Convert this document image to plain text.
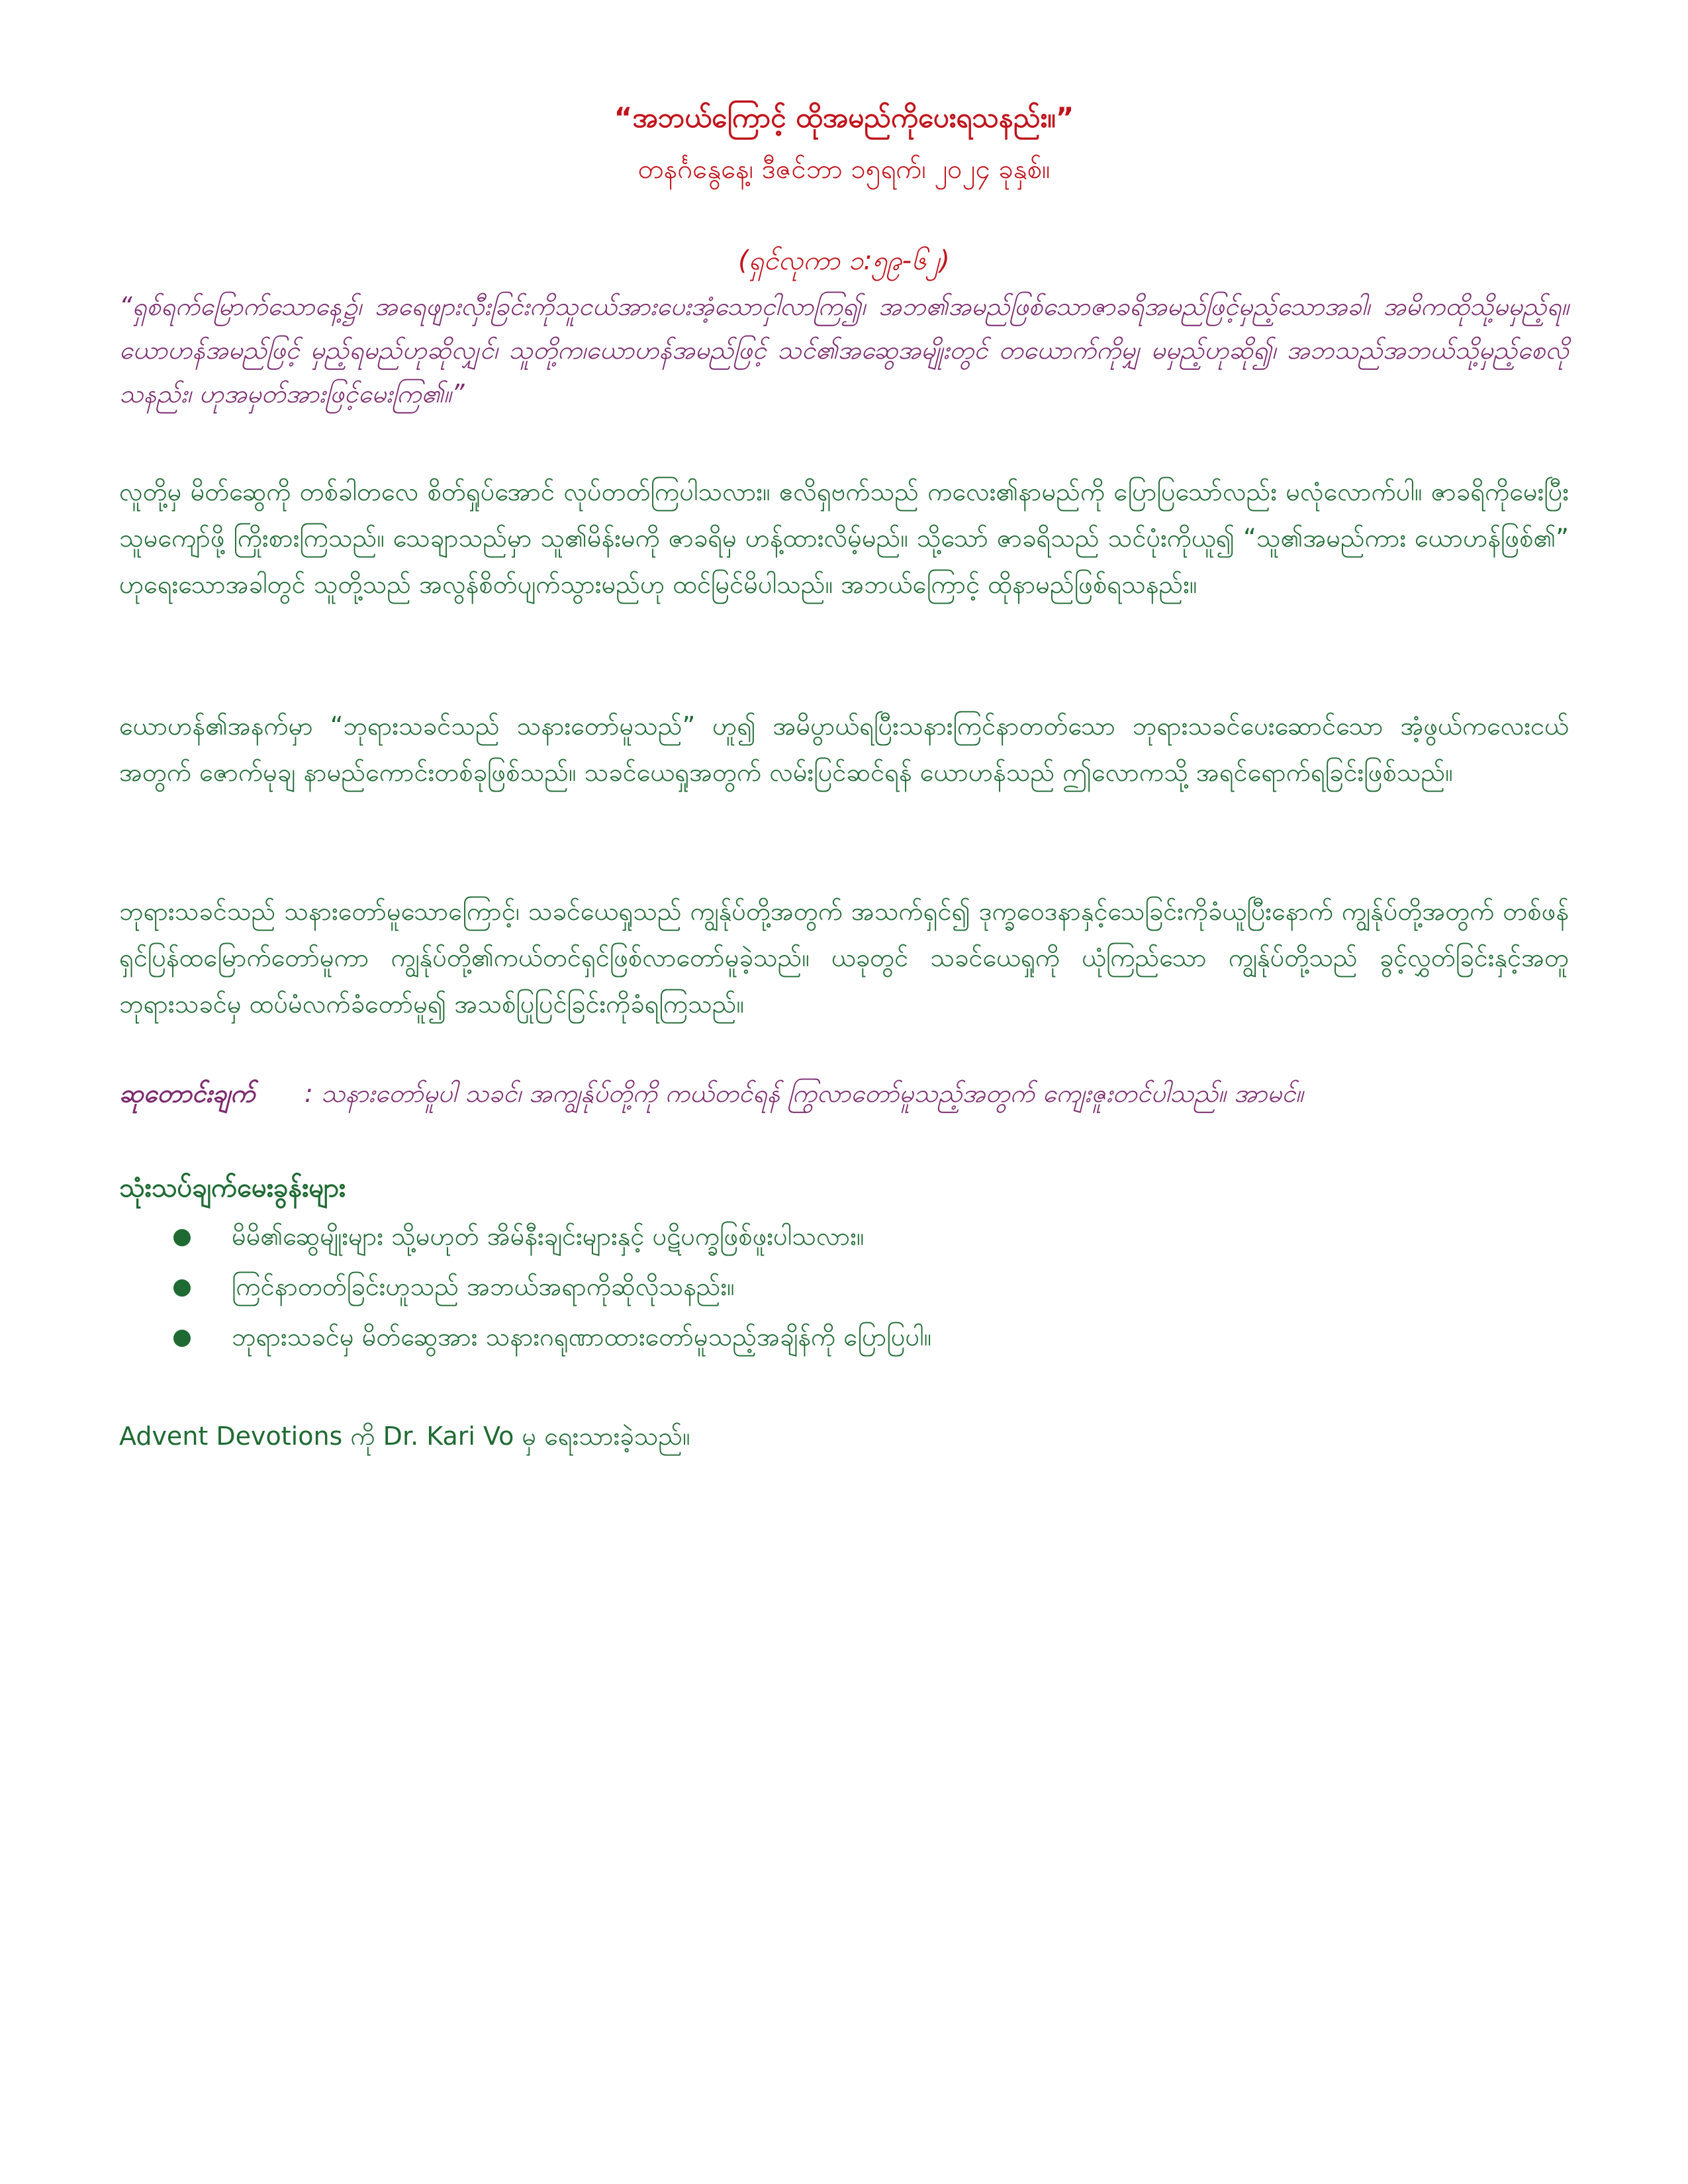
“အဘယ်ကြောင့် ထိုအမည်ကိုပေးရသနည်း။”

တနင်္ဂနွေနေ့၊ ဒီဇင်ဘာ ၁၅ရက်၊ ၂၀၂၄ ခုနှစ်။

(ရှင်လုကာ ၁:၅၉-၆၂)

“ရှစ်ရက်မြောက်သောနေ့၌၊ အရေဖျားလှီးခြင်းကိုသူငယ်အားပေးအံ့သောငှါလာကြ၍၊ အဘ၏အမည်ဖြစ်သောဇာခရိအမည်ဖြင့်မှည့်သောအခါ၊ အမိကထိုသို့မမှည့်ရ။ ယောဟန်အမည်ဖြင့် မှည့်ရမည်ဟုဆိုလျှင်၊ သူတို့က၊ယောဟန်အမည်ဖြင့် သင်၏အဆွေအမျိုးတွင် တယောက်ကိုမျှ မမှည့်ဟုဆို၍၊ အဘသည်အဘယ်သို့မှည့်စေလိုသနည်း၊ ဟုအမှတ်အားဖြင့်မေးကြ၏။”

လူတို့မှ မိတ်ဆွေကို တစ်ခါတလေ စိတ်ရှုပ်အောင် လုပ်တတ်ကြပါသလား။ ဧလိရှဗက်သည် ကလေး၏နာမည်ကို ပြောပြသော်လည်း မလုံလောက်ပါ။ ဇာခရိကိုမေးပြီး သူမကျော်ဖို့ ကြိုးစားကြသည်။ သေချာသည်မှာ သူ၏မိန်းမကို ဇာခရိမှ ဟန့်ထားလိမ့်မည်။ သို့သော် ဇာခရိသည် သင်ပုံးကိုယူ၍ “သူ၏အမည်ကား ယောဟန်ဖြစ်၏” ဟုရေးသောအခါတွင် သူတို့သည် အလွန်စိတ်ပျက်သွားမည်ဟု ထင်မြင်မိပါသည်။ အဘယ်ကြောင့် ထိုနာမည်ဖြစ်ရသနည်း။

ယောဟန်၏အနက်မှာ “ဘုရားသခင်သည် သနားတော်မူသည်” ဟူ၍ အမိပွာယ်ရပြီးသနားကြင်နာတတ်သော ဘုရားသခင်ပေးဆောင်သော အံ့ဖွယ်ကလေးငယ်အတွက် ဇောက်မုချ နာမည်ကောင်းတစ်ခုဖြစ်သည်။ သခင်ယေရှုအတွက် လမ်းပြင်ဆင်ရန် ယောဟန်သည် ဤလောကသို့ အရင်ရောက်ရခြင်းဖြစ်သည်။

ဘုရားသခင်သည် သနားတော်မူသောကြောင့်၊ သခင်ယေရှုသည် ကျွန်ုပ်တို့အတွက် အသက်ရှင်၍ ဒုက္ခဝေဒနာနှင့်သေခြင်းကိုခံယူပြီးနောက် ကျွန်ုပ်တို့အတွက် တစ်ဖန်ရှင်ပြန်ထမြောက်တော်မူကာ ကျွန်ုပ်တို့၏ကယ်တင်ရှင်ဖြစ်လာတော်မူခဲ့သည်။ ယခုတွင် သခင်ယေရှုကို ယုံကြည်သော ကျွန်ုပ်တို့သည် ခွင့်လွှတ်ခြင်းနှင့်အတူ ဘုရားသခင်မှ ထပ်မံလက်ခံတော်မူ၍ အသစ်ပြုပြင်ခြင်းကိုခံရကြသည်။

ဆုတောင်းချက် : သနားတော်မူပါ သခင်၊ အကျွန်ုပ်တို့ကို ကယ်တင်ရန် ကြွလာတော်မူသည့်အတွက် ကျေးဇူးတင်ပါသည်။ အာမင်။

သုံးသပ်ချက်မေးခွန်းများ
● မိမိ၏ဆွေမျိုးများ သို့မဟုတ် အိမ်နီးချင်းများနှင့် ပဋိပက္ခဖြစ်ဖူးပါသလား။
● ကြင်နာတတ်ခြင်းဟူသည် အဘယ်အရာကိုဆိုလိုသနည်း။
● ဘုရားသခင်မှ မိတ်ဆွေအား သနားဂရုဏာထားတော်မူသည့်အချိန်ကို ပြောပြပါ။

Advent Devotions ကို Dr. Kari Vo မှ ရေးသားခဲ့သည်။
